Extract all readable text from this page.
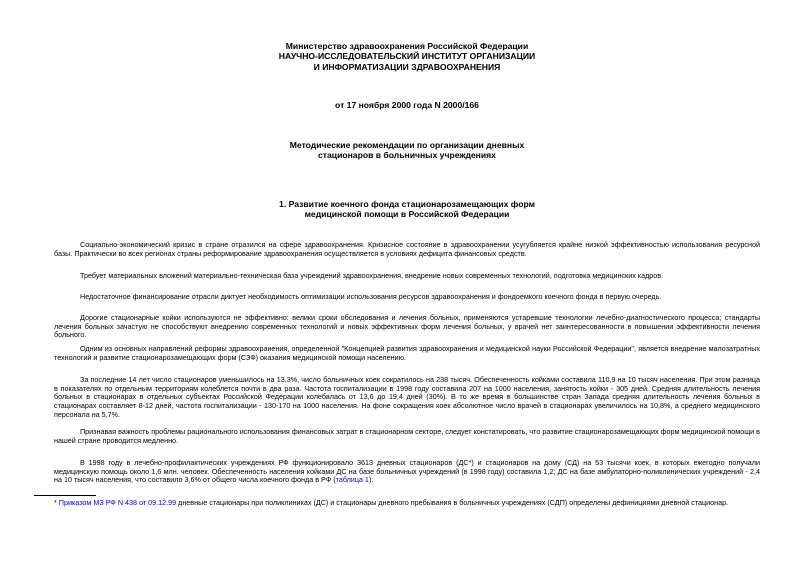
Министерство здравоохранения Российской Федерации
НАУЧНО-ИССЛЕДОВАТЕЛЬСКИЙ ИНСТИТУТ ОРГАНИЗАЦИИ
И ИНФОРМАТИЗАЦИИ ЗДРАВООХРАНЕНИЯ
от 17 ноября 2000 года N 2000/166
Методические рекомендации по организации дневных
стационаров в больничных учреждениях
1. Развитие коечного фонда стационарозамещающих форм
медицинской помощи в Российской Федерации

Социально-экономический кризис в стране отразился на сфере здравоохранения. Кризисное состояние в здравоохранении усугубляется крайне низкой эффективностью использования ресурсной базы. Практически во всех регионах страны реформирование здравоохранения осуществляется в условиях дефицита финансовых средств.

Требует материальных вложений материально-техническая база учреждений здравоохранения, внедрение новых современных технологий, подготовка медицинских кадров.

Недостаточное финансирование отрасли диктует необходимость оптимизации использования ресурсов здравоохранения и фондоемкого коечного фонда в первую очередь.

Дорогие стационарные койки используются не эффективно: велики сроки обследования и лечения больных, применяются устаревшие технологии лечебно-диагностического процесса; стандарты лечения больных зачастую не способствуют внедрению современных технологий и новых эффективных форм лечения больных, у врачей нет заинтересованности в повышении эффективности лечения больного.

Одним из основных направлений реформы здравоохранения, определенной "Концепцией развития здравоохранения и медицинской науки Российской Федерации", является внедрение малозатратных технологий и развитие стационарозамещающих форм (СЗФ) оказания медицинской помощи населению.

За последние 14 лет число стационаров уменьшилось на 13,3%, число больничных коек сократилось на 238 тысяч. Обеспеченность койками составила 110,9 на 10 тысяч населения. При этом разница в показателях по отдельным территориям колеблется почти в два раза. Частота госпитализации в 1998 году составила 207 на 1000 населения, занятость койки - 305 дней. Средняя длительность лечения больных в стационарах в отдельных субъектах Российской Федерации колебалась от 13,6 до 19,4 дней (30%). В то же время в большинстве стран Запада средняя длительность лечения больных в стационарах составляет 8-12 дней, частота госпитализации - 130-170 на 1000 населения. На фоне сокращения коек абсолютное число врачей в стационарах увеличилось на 10,8%, а среднего медицинского персонала на 5,7%.

Признавая важность проблемы рационального использования финансовых затрат в стационарном секторе, следует констатировать, что развитие стационарозамещающих форм медицинской помощи в нашей стране проводится медленно.

В 1998 году в лечебно-профилактических учреждениях РФ функционировало 3613 дневных стационаров (ДС*) и стационаров на дому (СД) на 53 тысячи коек, в которых ежегодно получали медицинскую помощь около 1,6 млн. человек. Обеспеченность населения койками ДС на базе больничных учреждений (в 1998 году) составила 1,2; ДС на базе амбулаторно-поликлинических учреждений - 2,4 на 10 тысяч населения, что составило 3,6% от общего числа коечного фонда в РФ (таблица 1).

* Приказом МЗ РФ N 438 от 09.12.99 дневные стационары при поликлиниках (ДС) и стационары дневного пребывания в больничных учреждениях (СДП) определены дефинициями дневной стационар.
